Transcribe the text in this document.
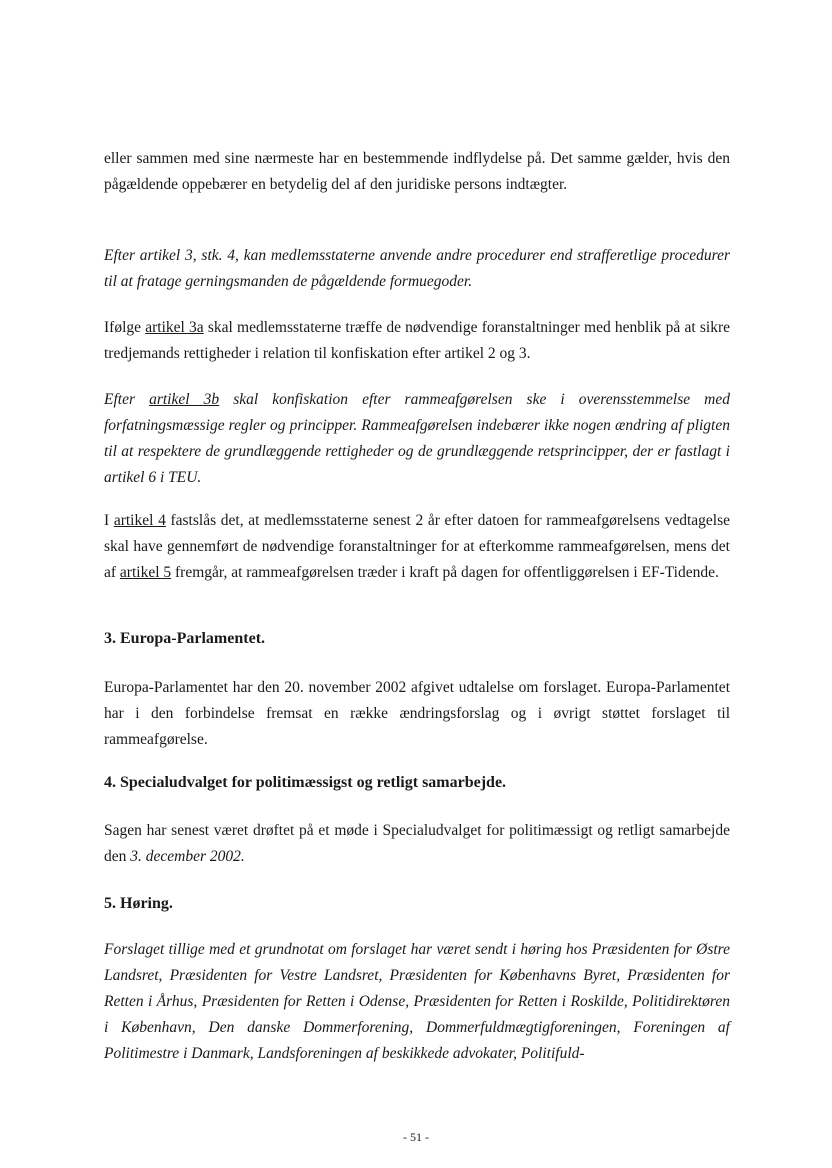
eller sammen med sine nærmeste har en bestemmende indflydelse på. Det samme gælder, hvis den pågældende oppebærer en betydelig del af den juridiske persons indtægter.
Efter artikel 3, stk. 4, kan medlemsstaterne anvende andre procedurer end strafferetlige procedurer til at fratage gerningsmanden de pågældende formuegoder.
Ifølge artikel 3a skal medlemsstaterne træffe de nødvendige foranstaltninger med henblik på at sikre tredjemands rettigheder i relation til konfiskation efter artikel 2 og 3.
Efter artikel 3b skal konfiskation efter rammeafgørelsen ske i overensstemmelse med forfatningsmæssige regler og principper. Rammeafgørelsen indebærer ikke nogen ændring af pligten til at respektere de grundlæggende rettigheder og de grundlæggende retsprincipper, der er fastlagt i artikel 6 i TEU.
I artikel 4 fastslås det, at medlemsstaterne senest 2 år efter datoen for rammeafgørelsens vedtagelse skal have gennemført de nødvendige foranstaltninger for at efterkomme rammeafgørelsen, mens det af artikel 5 fremgår, at rammeafgørelsen træder i kraft på dagen for offentliggørelsen i EF-Tidende.
3. Europa-Parlamentet.
Europa-Parlamentet har den 20. november 2002 afgivet udtalelse om forslaget. Europa-Parlamentet har i den forbindelse fremsat en række ændringsforslag og i øvrigt støttet forslaget til rammeafgørelse.
4. Specialudvalget for politimæssigst og retligt samarbejde.
Sagen har senest været drøftet på et møde i Specialudvalget for politimæssigt og retligt samarbejde den 3. december 2002.
5. Høring.
Forslaget tillige med et grundnotat om forslaget har været sendt i høring hos Præsidenten for Østre Landsret, Præsidenten for Vestre Landsret, Præsidenten for Københavns Byret, Præsidenten for Retten i Århus, Præsidenten for Retten i Odense, Præsidenten for Retten i Roskilde, Politidirektøren i København, Den danske Dommerforening, Dommerfuldmægtigforeningen, Foreningen af Politimestre i Danmark, Landsforeningen af beskikkede advokater, Politifuld-
- 51 -
